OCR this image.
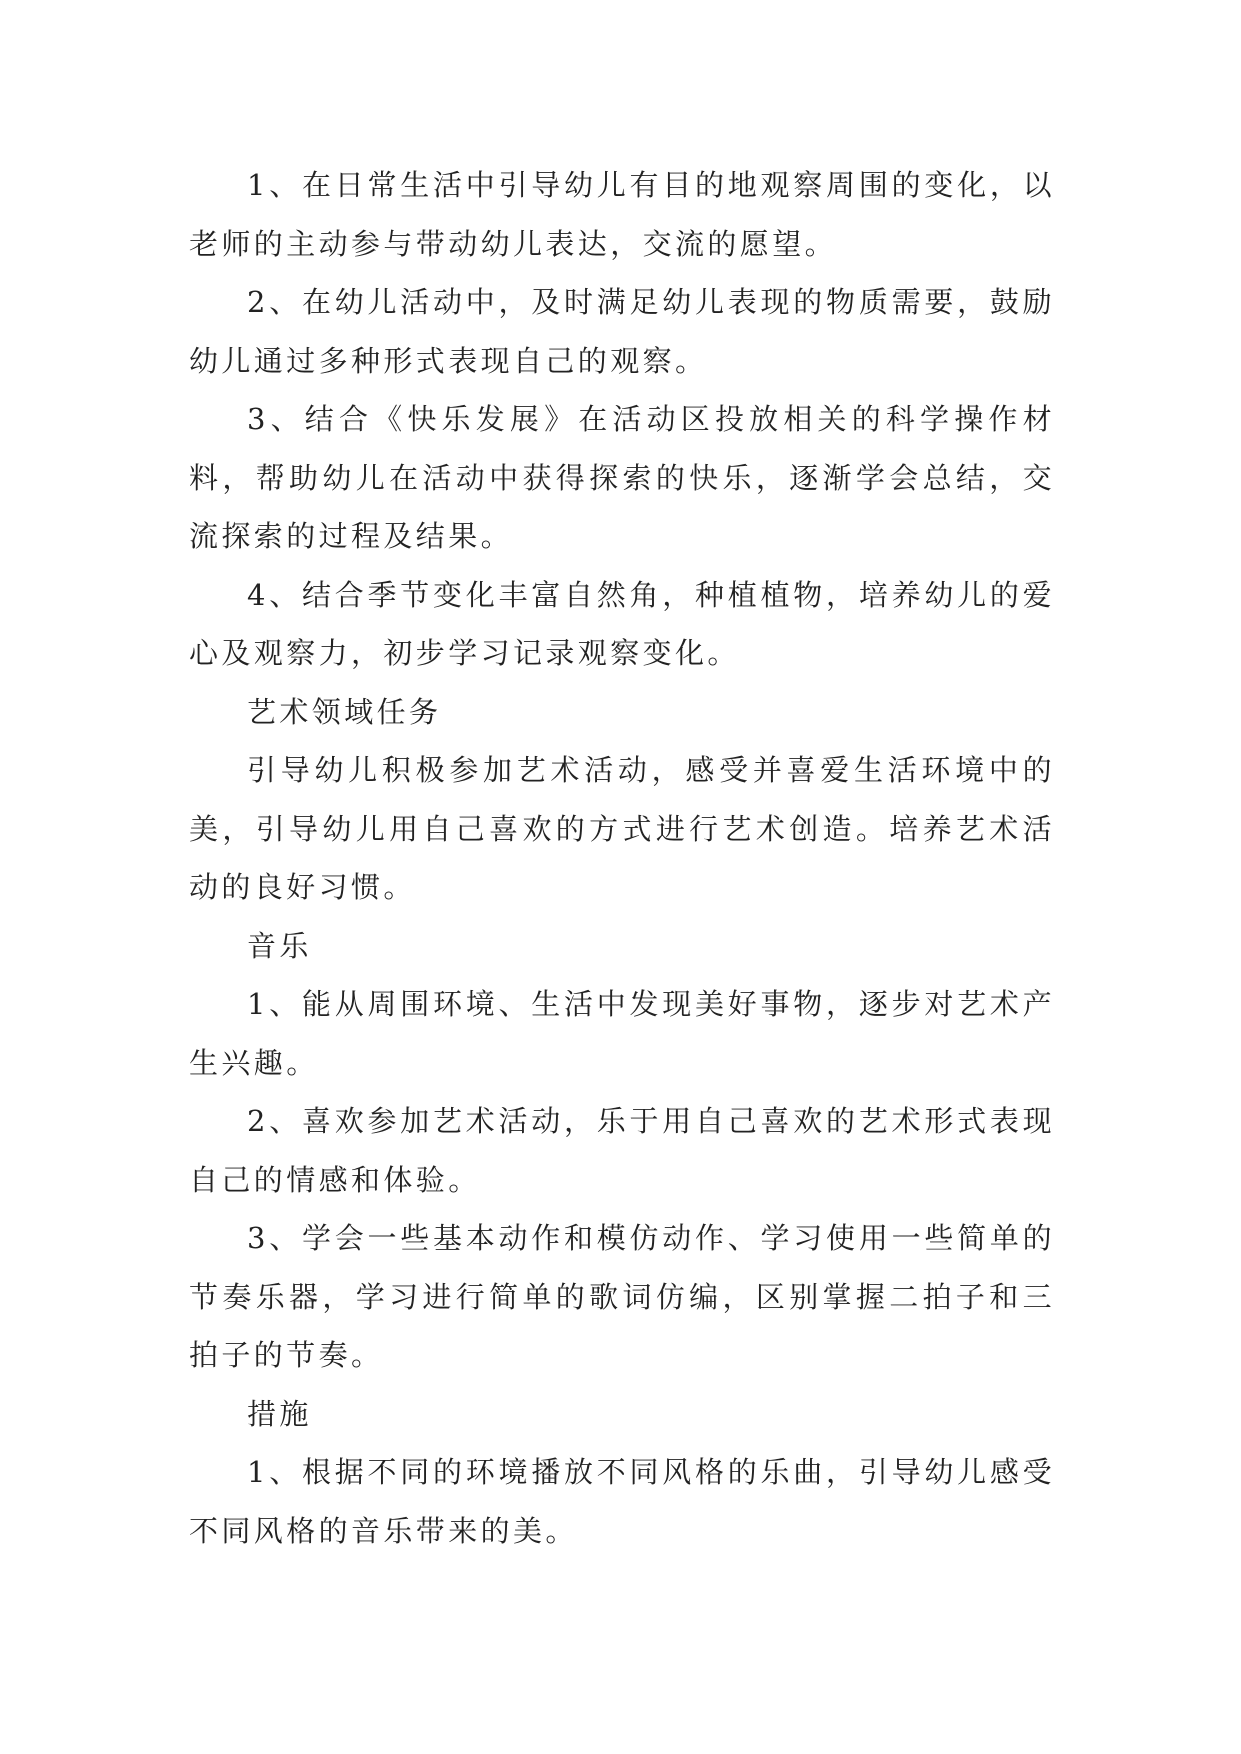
1、在日常生活中引导幼儿有目的地观察周围的变化，以老师的主动参与带动幼儿表达，交流的愿望。

2、在幼儿活动中，及时满足幼儿表现的物质需要，鼓励幼儿通过多种形式表现自己的观察。

3、结合《快乐发展》在活动区投放相关的科学操作材料，帮助幼儿在活动中获得探索的快乐，逐渐学会总结，交流探索的过程及结果。

4、结合季节变化丰富自然角，种植植物，培养幼儿的爱心及观察力，初步学习记录观察变化。

艺术领域任务

引导幼儿积极参加艺术活动，感受并喜爱生活环境中的美，引导幼儿用自己喜欢的方式进行艺术创造。培养艺术活动的良好习惯。

音乐

1、能从周围环境、生活中发现美好事物，逐步对艺术产生兴趣。

2、喜欢参加艺术活动，乐于用自己喜欢的艺术形式表现自己的情感和体验。

3、学会一些基本动作和模仿动作、学习使用一些简单的节奏乐器，学习进行简单的歌词仿编，区别掌握二拍子和三拍子的节奏。

措施

1、根据不同的环境播放不同风格的乐曲，引导幼儿感受不同风格的音乐带来的美。
